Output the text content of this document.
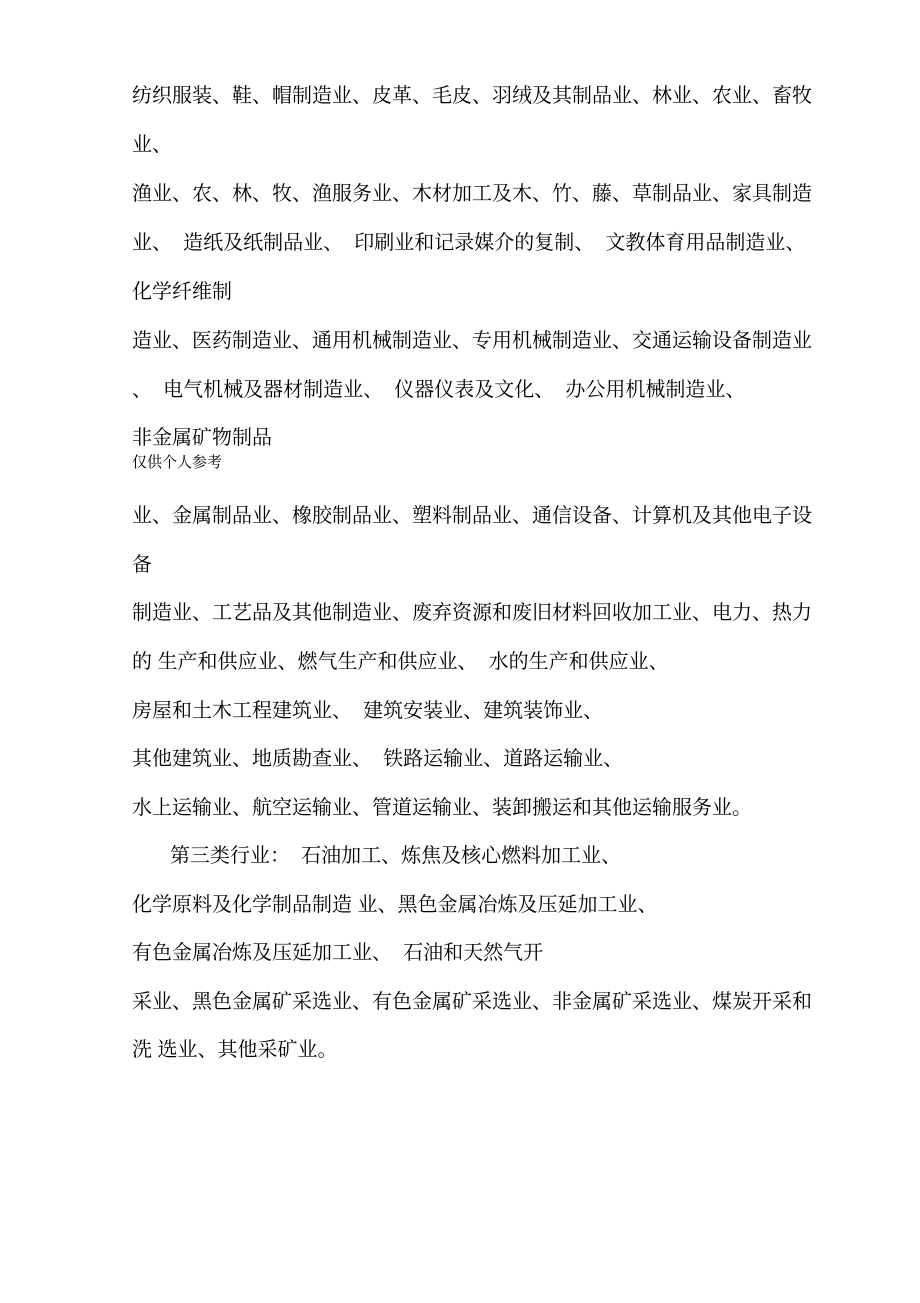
纺织服装、鞋、帽制造业、皮革、毛皮、羽绒及其制品业、林业、农业、畜牧
业、
渔业、农、林、牧、渔服务业、木材加工及木、竹、藤、草制品业、家具制造
业、  造纸及纸制品业、  印刷业和记录媒介的复制、  文教体育用品制造业、
化学纤维制
造业、医药制造业、通用机械制造业、专用机械制造业、交通运输设备制造业
、  电气机械及器材制造业、  仪器仪表及文化、  办公用机械制造业、
非金属矿物制品
仅供个人参考
业、金属制品业、橡胶制品业、塑料制品业、通信设备、计算机及其他电子设
备
制造业、工艺品及其他制造业、废弃资源和废旧材料回收加工业、电力、热力
的 生产和供应业、燃气生产和供应业、  水的生产和供应业、
房屋和土木工程建筑业、  建筑安装业、建筑装饰业、
其他建筑业、地质勘查业、  铁路运输业、道路运输业、
水上运输业、航空运输业、管道运输业、装卸搬运和其他运输服务业。
第三类行业：  石油加工、炼焦及核心燃料加工业、
化学原料及化学制品制造 业、黑色金属冶炼及压延加工业、
有色金属冶炼及压延加工业、  石油和天然气开
采业、黑色金属矿采选业、有色金属矿采选业、非金属矿采选业、煤炭开采和
洗 选业、其他采矿业。
